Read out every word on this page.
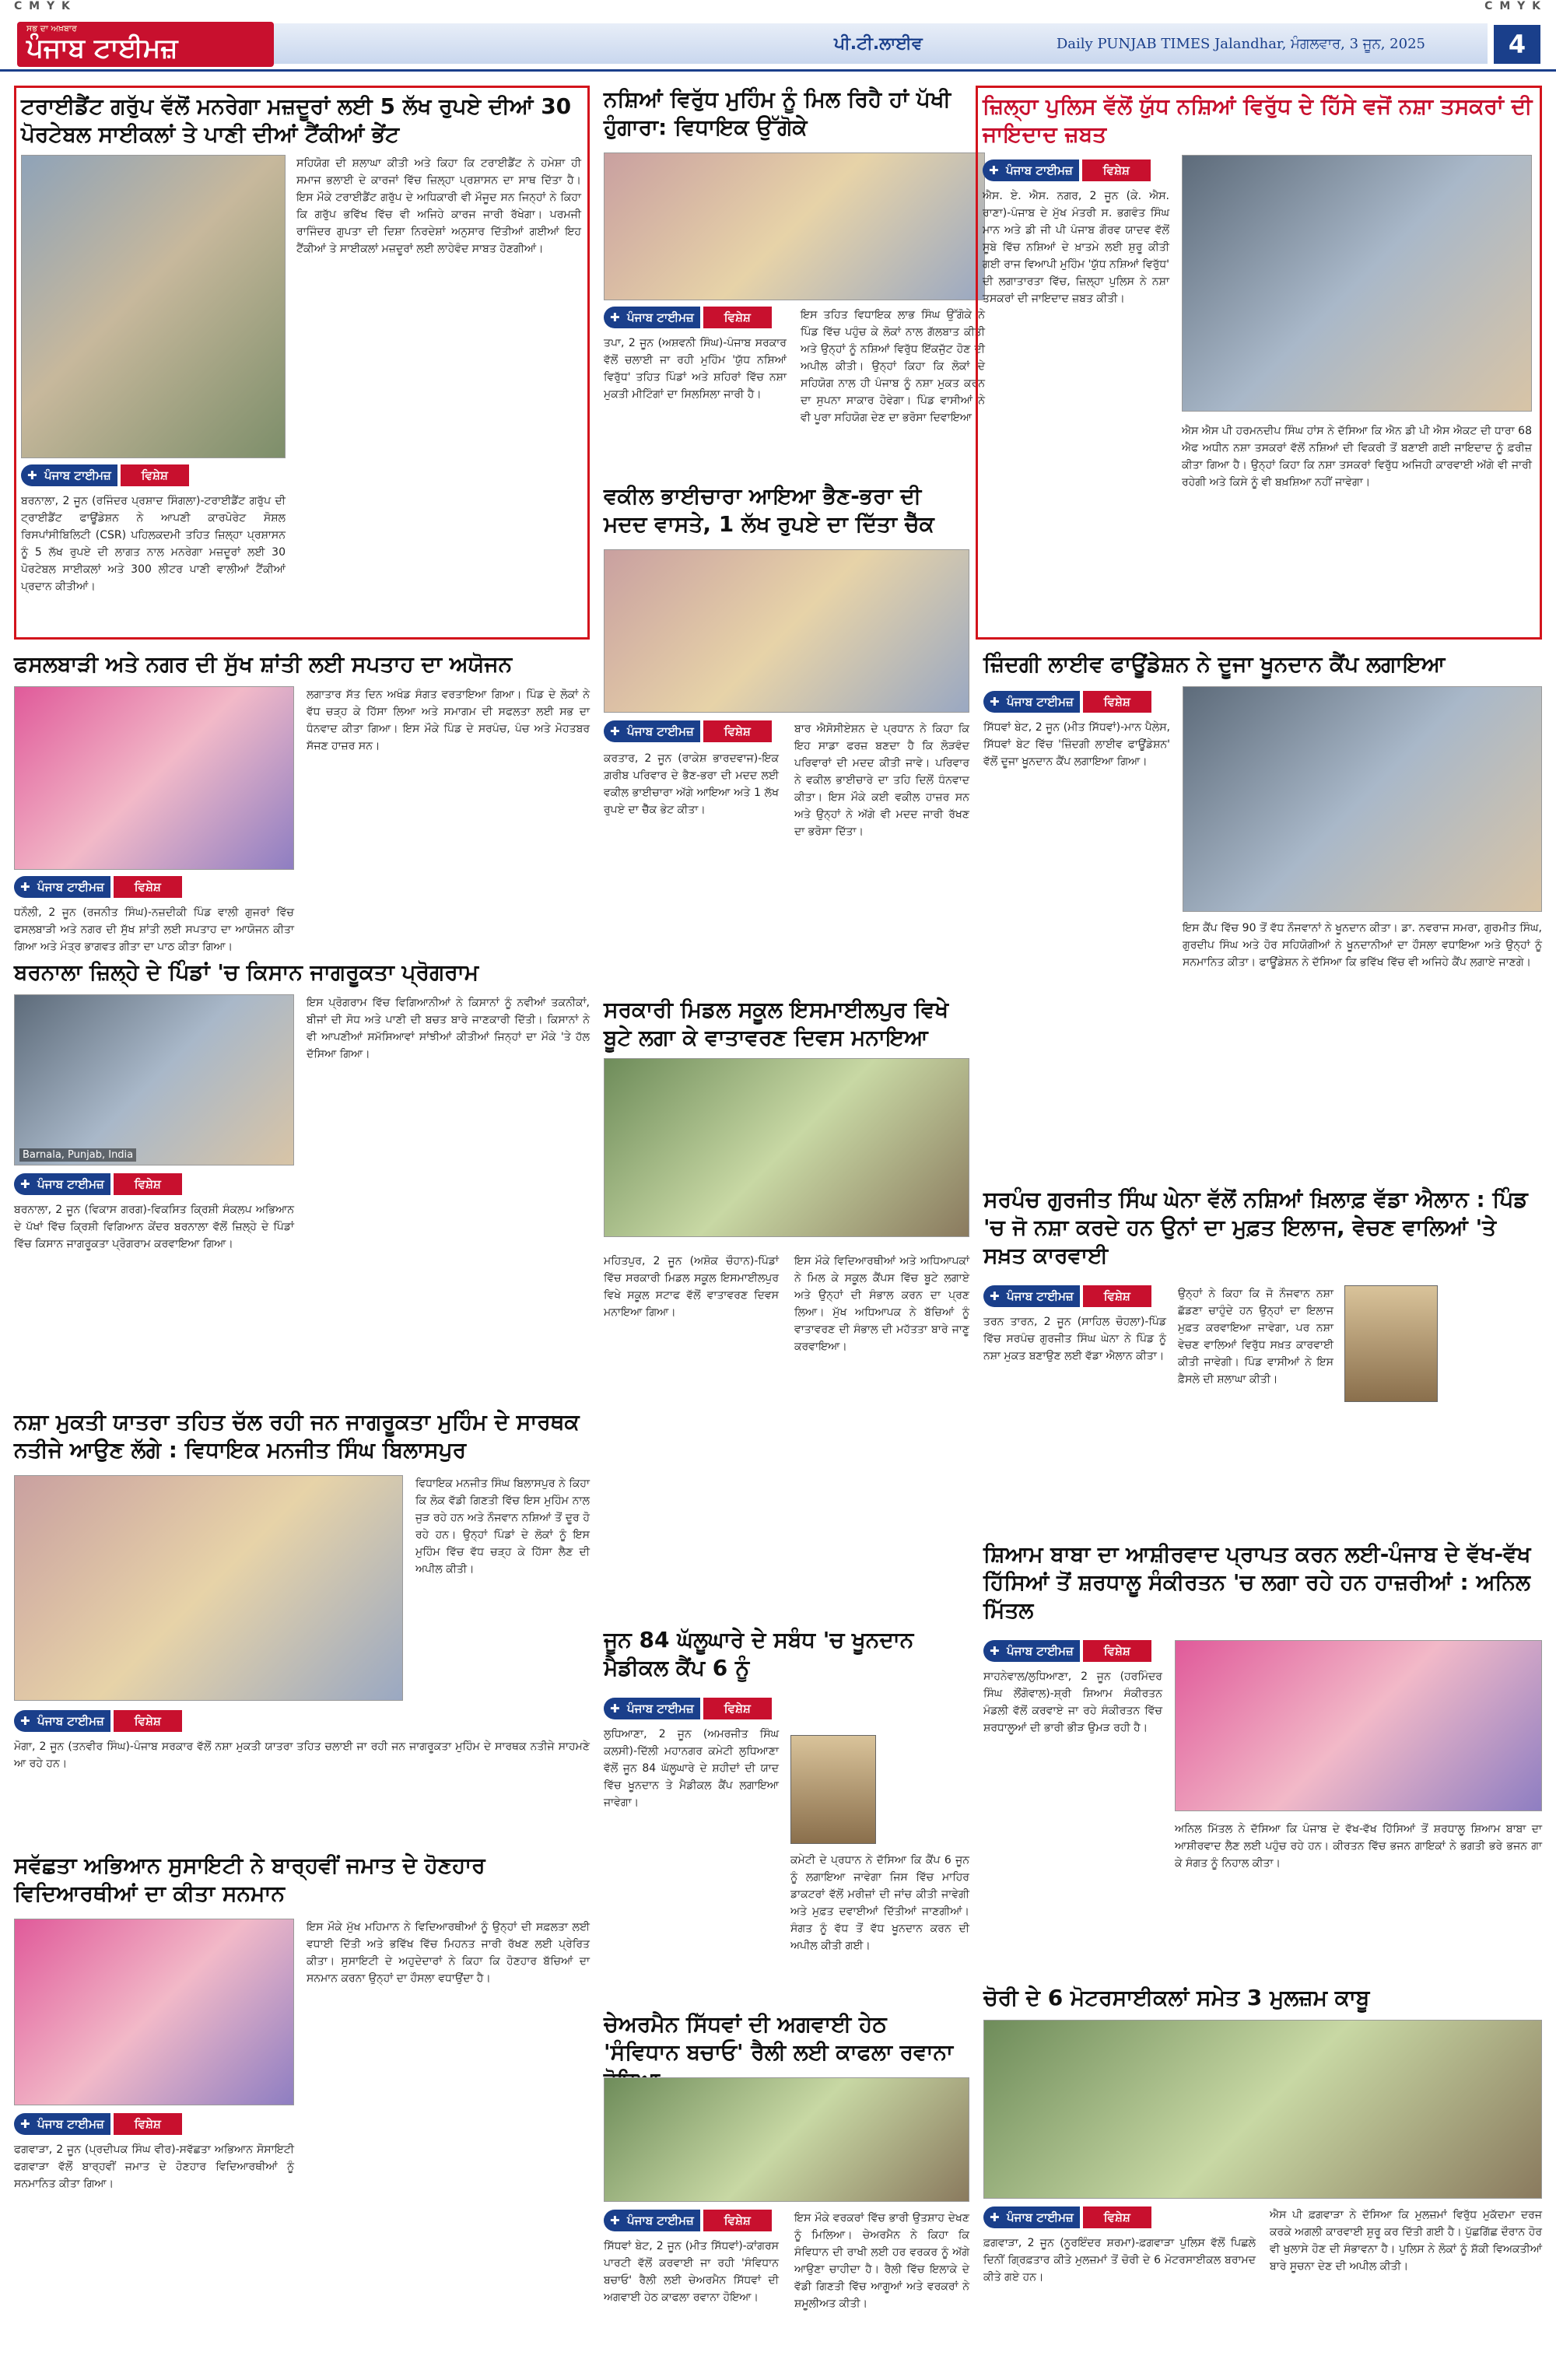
C M Y K	C M Y K
ਸਭ ਦਾ ਅਖ਼ਬਾਰ
ਪੰਜਾਬ ਟਾਈਮਜ਼	ਪੀ.ਟੀ.ਲਾਈਵ	Daily PUNJAB TIMES Jalandhar, ਮੰਗਲਵਾਰ, 3 ਜੂਨ, 2025	4
ਟਰਾਈਡੈਂਟ ਗਰੁੱਪ ਵੱਲੋਂ ਮਨਰੇਗਾ ਮਜ਼ਦੂਰਾਂ ਲਈ 5 ਲੱਖ ਰੁਪਏ ਦੀਆਂ 30 ਪੋਰਟੇਬਲ ਸਾਈਕਲਾਂ ਤੇ ਪਾਣੀ ਦੀਆਂ ਟੈਂਕੀਆਂ ਭੇਂਟ
✚ ਪੰਜਾਬ ਟਾਈਮਜ਼	ਵਿਸ਼ੇਸ਼
ਬਰਨਾਲਾ, 2 ਜੂਨ (ਰਜਿੰਦਰ ਪ੍ਰਸ਼ਾਦ ਸਿੰਗਲਾ)-ਟਰਾਈਡੈਂਟ ਗਰੁੱਪ ਦੀ ਟ੍ਰਾਈਡੈਂਟ ਫਾਊਂਡੇਸ਼ਨ ਨੇ ਆਪਣੀ ਕਾਰਪੋਰੇਟ ਸੋਸ਼ਲ ਰਿਸਪਾਂਸੀਬਿਲਿਟੀ (CSR) ਪਹਿਲਕਦਮੀ ਤਹਿਤ ਜ਼ਿਲ੍ਹਾ ਪ੍ਰਸ਼ਾਸਨ ਨੂੰ 5 ਲੱਖ ਰੁਪਏ ਦੀ ਲਾਗਤ ਨਾਲ ਮਨਰੇਗਾ ਮਜ਼ਦੂਰਾਂ ਲਈ 30 ਪੋਰਟੇਬਲ ਸਾਈਕਲਾਂ ਅਤੇ 300 ਲੀਟਰ ਪਾਣੀ ਵਾਲੀਆਂ ਟੈਂਕੀਆਂ ਪ੍ਰਦਾਨ ਕੀਤੀਆਂ।
ਸਹਿਯੋਗ ਦੀ ਸ਼ਲਾਘਾ ਕੀਤੀ ਅਤੇ ਕਿਹਾ ਕਿ ਟਰਾਈਡੈਂਟ ਨੇ ਹਮੇਸ਼ਾ ਹੀ ਸਮਾਜ ਭਲਾਈ ਦੇ ਕਾਰਜਾਂ ਵਿੱਚ ਜ਼ਿਲ੍ਹਾ ਪ੍ਰਸ਼ਾਸਨ ਦਾ ਸਾਥ ਦਿੱਤਾ ਹੈ। ਇਸ ਮੌਕੇ ਟਰਾਈਡੈਂਟ ਗਰੁੱਪ ਦੇ ਅਧਿਕਾਰੀ ਵੀ ਮੌਜੂਦ ਸਨ ਜਿਨ੍ਹਾਂ ਨੇ ਕਿਹਾ ਕਿ ਗਰੁੱਪ ਭਵਿੱਖ ਵਿੱਚ ਵੀ ਅਜਿਹੇ ਕਾਰਜ ਜਾਰੀ ਰੱਖੇਗਾ। ਪਰਮਜੀ ਰਾਜਿੰਦਰ ਗੁਪਤਾ ਦੀ ਦਿਸ਼ਾ ਨਿਰਦੇਸ਼ਾਂ ਅਨੁਸਾਰ ਦਿੱਤੀਆਂ ਗਈਆਂ ਇਹ ਟੈਂਕੀਆਂ ਤੇ ਸਾਈਕਲਾਂ ਮਜ਼ਦੂਰਾਂ ਲਈ ਲਾਹੇਵੰਦ ਸਾਬਤ ਹੋਣਗੀਆਂ।
ਨਸ਼ਿਆਂ ਵਿਰੁੱਧ ਮੁਹਿੰਮ ਨੂੰ ਮਿਲ ਰਿਹੈ ਹਾਂ ਪੱਖੀ ਹੁੰਗਾਰਾ: ਵਿਧਾਇਕ ਉੱਗੋਕੇ
✚ ਪੰਜਾਬ ਟਾਈਮਜ਼	ਵਿਸ਼ੇਸ਼
ਤਪਾ, 2 ਜੂਨ (ਅਸ਼ਵਨੀ ਸਿੰਘ)-ਪੰਜਾਬ ਸਰਕਾਰ ਵੱਲੋਂ ਚਲਾਈ ਜਾ ਰਹੀ ਮੁਹਿੰਮ 'ਯੁੱਧ ਨਸ਼ਿਆਂ ਵਿਰੁੱਧ' ਤਹਿਤ ਪਿੰਡਾਂ ਅਤੇ ਸ਼ਹਿਰਾਂ ਵਿੱਚ ਨਸ਼ਾ ਮੁਕਤੀ ਮੀਟਿੰਗਾਂ ਦਾ ਸਿਲਸਿਲਾ ਜਾਰੀ ਹੈ।
ਇਸ ਤਹਿਤ ਵਿਧਾਇਕ ਲਾਭ ਸਿੰਘ ਉੱਗੋਕੇ ਨੇ ਪਿੰਡ ਵਿੱਚ ਪਹੁੰਚ ਕੇ ਲੋਕਾਂ ਨਾਲ ਗੱਲਬਾਤ ਕੀਤੀ ਅਤੇ ਉਨ੍ਹਾਂ ਨੂੰ ਨਸ਼ਿਆਂ ਵਿਰੁੱਧ ਇੱਕਜੁੱਟ ਹੋਣ ਦੀ ਅਪੀਲ ਕੀਤੀ। ਉਨ੍ਹਾਂ ਕਿਹਾ ਕਿ ਲੋਕਾਂ ਦੇ ਸਹਿਯੋਗ ਨਾਲ ਹੀ ਪੰਜਾਬ ਨੂੰ ਨਸ਼ਾ ਮੁਕਤ ਕਰਨ ਦਾ ਸੁਪਨਾ ਸਾਕਾਰ ਹੋਵੇਗਾ। ਪਿੰਡ ਵਾਸੀਆਂ ਨੇ ਵੀ ਪੂਰਾ ਸਹਿਯੋਗ ਦੇਣ ਦਾ ਭਰੋਸਾ ਦਿਵਾਇਆ।
ਜ਼ਿਲ੍ਹਾ ਪੁਲਿਸ ਵੱਲੋਂ ਯੁੱਧ ਨਸ਼ਿਆਂ ਵਿਰੁੱਧ ਦੇ ਹਿੱਸੇ ਵਜੋਂ ਨਸ਼ਾ ਤਸਕਰਾਂ ਦੀ ਜਾਇਦਾਦ ਜ਼ਬਤ
✚ ਪੰਜਾਬ ਟਾਈਮਜ਼	ਵਿਸ਼ੇਸ਼
ਐਸ. ਏ. ਐਸ. ਨਗਰ, 2 ਜੂਨ (ਕੇ. ਐਸ. ਰਾਣਾ)-ਪੰਜਾਬ ਦੇ ਮੁੱਖ ਮੰਤਰੀ ਸ. ਭਗਵੰਤ ਸਿੰਘ ਮਾਨ ਅਤੇ ਡੀ ਜੀ ਪੀ ਪੰਜਾਬ ਗੌਰਵ ਯਾਦਵ ਵੱਲੋਂ ਸੂਬੇ ਵਿੱਚ ਨਸ਼ਿਆਂ ਦੇ ਖ਼ਾਤਮੇ ਲਈ ਸ਼ੁਰੂ ਕੀਤੀ ਗਈ ਰਾਜ ਵਿਆਪੀ ਮੁਹਿੰਮ 'ਯੁੱਧ ਨਸ਼ਿਆਂ ਵਿਰੁੱਧ' ਦੀ ਲਗਾਤਾਰਤਾ ਵਿੱਚ, ਜ਼ਿਲ੍ਹਾ ਪੁਲਿਸ ਨੇ ਨਸ਼ਾ ਤਸਕਰਾਂ ਦੀ ਜਾਇਦਾਦ ਜ਼ਬਤ ਕੀਤੀ।
ਐਸ ਐਸ ਪੀ ਹਰਮਨਦੀਪ ਸਿੰਘ ਹਾਂਸ ਨੇ ਦੱਸਿਆ ਕਿ ਐਨ ਡੀ ਪੀ ਐਸ ਐਕਟ ਦੀ ਧਾਰਾ 68 ਐਫ ਅਧੀਨ ਨਸ਼ਾ ਤਸਕਰਾਂ ਵੱਲੋਂ ਨਸ਼ਿਆਂ ਦੀ ਵਿਕਰੀ ਤੋਂ ਬਣਾਈ ਗਈ ਜਾਇਦਾਦ ਨੂੰ ਫ਼ਰੀਜ਼ ਕੀਤਾ ਗਿਆ ਹੈ। ਉਨ੍ਹਾਂ ਕਿਹਾ ਕਿ ਨਸ਼ਾ ਤਸਕਰਾਂ ਵਿਰੁੱਧ ਅਜਿਹੀ ਕਾਰਵਾਈ ਅੱਗੇ ਵੀ ਜਾਰੀ ਰਹੇਗੀ ਅਤੇ ਕਿਸੇ ਨੂੰ ਵੀ ਬਖ਼ਸ਼ਿਆ ਨਹੀਂ ਜਾਵੇਗਾ।
ਵਕੀਲ ਭਾਈਚਾਰਾ ਆਇਆ ਭੈਣ-ਭਰਾ ਦੀ ਮਦਦ ਵਾਸਤੇ, 1 ਲੱਖ ਰੁਪਏ ਦਾ ਦਿੱਤਾ ਚੈੱਕ
✚ ਪੰਜਾਬ ਟਾਈਮਜ਼	ਵਿਸ਼ੇਸ਼
ਕਰਤਾਰ, 2 ਜੂਨ (ਰਾਕੇਸ਼ ਭਾਰਦਵਾਜ)-ਇਕ ਗ਼ਰੀਬ ਪਰਿਵਾਰ ਦੇ ਭੈਣ-ਭਰਾ ਦੀ ਮਦਦ ਲਈ ਵਕੀਲ ਭਾਈਚਾਰਾ ਅੱਗੇ ਆਇਆ ਅਤੇ 1 ਲੱਖ ਰੁਪਏ ਦਾ ਚੈੱਕ ਭੇਟ ਕੀਤਾ।
ਬਾਰ ਐਸੋਸੀਏਸ਼ਨ ਦੇ ਪ੍ਰਧਾਨ ਨੇ ਕਿਹਾ ਕਿ ਇਹ ਸਾਡਾ ਫਰਜ਼ ਬਣਦਾ ਹੈ ਕਿ ਲੋੜਵੰਦ ਪਰਿਵਾਰਾਂ ਦੀ ਮਦਦ ਕੀਤੀ ਜਾਵੇ। ਪਰਿਵਾਰ ਨੇ ਵਕੀਲ ਭਾਈਚਾਰੇ ਦਾ ਤਹਿ ਦਿਲੋਂ ਧੰਨਵਾਦ ਕੀਤਾ। ਇਸ ਮੌਕੇ ਕਈ ਵਕੀਲ ਹਾਜ਼ਰ ਸਨ ਅਤੇ ਉਨ੍ਹਾਂ ਨੇ ਅੱਗੇ ਵੀ ਮਦਦ ਜਾਰੀ ਰੱਖਣ ਦਾ ਭਰੋਸਾ ਦਿੱਤਾ।
ਸਰਕਾਰੀ ਮਿਡਲ ਸਕੂਲ ਇਸਮਾਈਲਪੁਰ ਵਿਖੇ ਬੂਟੇ ਲਗਾ ਕੇ ਵਾਤਾਵਰਣ ਦਿਵਸ ਮਨਾਇਆ
ਮਹਿਤਪੁਰ, 2 ਜੂਨ (ਅਸ਼ੋਕ ਚੌਹਾਨ)-ਪਿੰਡਾਂ ਵਿੱਚ ਸਰਕਾਰੀ ਮਿਡਲ ਸਕੂਲ ਇਸਮਾਈਲਪੁਰ ਵਿਖੇ ਸਕੂਲ ਸਟਾਫ ਵੱਲੋਂ ਵਾਤਾਵਰਣ ਦਿਵਸ ਮਨਾਇਆ ਗਿਆ।
ਇਸ ਮੌਕੇ ਵਿਦਿਆਰਥੀਆਂ ਅਤੇ ਅਧਿਆਪਕਾਂ ਨੇ ਮਿਲ ਕੇ ਸਕੂਲ ਕੈਂਪਸ ਵਿੱਚ ਬੂਟੇ ਲਗਾਏ ਅਤੇ ਉਨ੍ਹਾਂ ਦੀ ਸੰਭਾਲ ਕਰਨ ਦਾ ਪ੍ਰਣ ਲਿਆ। ਮੁੱਖ ਅਧਿਆਪਕ ਨੇ ਬੱਚਿਆਂ ਨੂੰ ਵਾਤਾਵਰਣ ਦੀ ਸੰਭਾਲ ਦੀ ਮਹੱਤਤਾ ਬਾਰੇ ਜਾਣੂ ਕਰਵਾਇਆ।
ਫਸਲਬਾੜੀ ਅਤੇ ਨਗਰ ਦੀ ਸੁੱਖ ਸ਼ਾਂਤੀ ਲਈ ਸਪਤਾਹ ਦਾ ਅਯੋਜਨ
✚ ਪੰਜਾਬ ਟਾਈਮਜ਼	ਵਿਸ਼ੇਸ਼
ਧਨੌਲੀ, 2 ਜੂਨ (ਰਜਨੀਤ ਸਿੰਘ)-ਨਜ਼ਦੀਕੀ ਪਿੰਡ ਵਾਲੀ ਗੁਜਰਾਂ ਵਿੱਚ ਫਸਲਬਾੜੀ ਅਤੇ ਨਗਰ ਦੀ ਸੁੱਖ ਸ਼ਾਂਤੀ ਲਈ ਸਪਤਾਹ ਦਾ ਆਯੋਜਨ ਕੀਤਾ ਗਿਆ ਅਤੇ ਮੰਤ੍ਰ ਭਾਗਵਤ ਗੀਤਾ ਦਾ ਪਾਠ ਕੀਤਾ ਗਿਆ।
ਲਗਾਤਾਰ ਸੱਤ ਦਿਨ ਅਖੰਡ ਸੰਗਤ ਵਰਤਾਇਆ ਗਿਆ। ਪਿੰਡ ਦੇ ਲੋਕਾਂ ਨੇ ਵੱਧ ਚੜ੍ਹ ਕੇ ਹਿੱਸਾ ਲਿਆ ਅਤੇ ਸਮਾਗਮ ਦੀ ਸਫਲਤਾ ਲਈ ਸਭ ਦਾ ਧੰਨਵਾਦ ਕੀਤਾ ਗਿਆ। ਇਸ ਮੌਕੇ ਪਿੰਡ ਦੇ ਸਰਪੰਚ, ਪੰਚ ਅਤੇ ਮੋਹਤਬਰ ਸੱਜਣ ਹਾਜ਼ਰ ਸਨ।
ਬਰਨਾਲਾ ਜ਼ਿਲ੍ਹੇ ਦੇ ਪਿੰਡਾਂ 'ਚ ਕਿਸਾਨ ਜਾਗਰੂਕਤਾ ਪ੍ਰੋਗਰਾਮ
Barnala, Punjab, India
✚ ਪੰਜਾਬ ਟਾਈਮਜ਼	ਵਿਸ਼ੇਸ਼
ਬਰਨਾਲਾ, 2 ਜੂਨ (ਵਿਕਾਸ ਗਰਗ)-ਵਿਕਸਿਤ ਕ੍ਰਿਸ਼ੀ ਸੰਕਲਪ ਅਭਿਆਨ ਦੇ ਪੱਖਾਂ ਵਿੱਚ ਕ੍ਰਿਸ਼ੀ ਵਿਗਿਆਨ ਕੇਂਦਰ ਬਰਨਾਲਾ ਵੱਲੋਂ ਜ਼ਿਲ੍ਹੇ ਦੇ ਪਿੰਡਾਂ ਵਿੱਚ ਕਿਸਾਨ ਜਾਗਰੂਕਤਾ ਪ੍ਰੋਗਰਾਮ ਕਰਵਾਇਆ ਗਿਆ।
ਇਸ ਪ੍ਰੋਗਰਾਮ ਵਿੱਚ ਵਿਗਿਆਨੀਆਂ ਨੇ ਕਿਸਾਨਾਂ ਨੂੰ ਨਵੀਆਂ ਤਕਨੀਕਾਂ, ਬੀਜਾਂ ਦੀ ਸੋਧ ਅਤੇ ਪਾਣੀ ਦੀ ਬਚਤ ਬਾਰੇ ਜਾਣਕਾਰੀ ਦਿੱਤੀ। ਕਿਸਾਨਾਂ ਨੇ ਵੀ ਆਪਣੀਆਂ ਸਮੱਸਿਆਵਾਂ ਸਾਂਝੀਆਂ ਕੀਤੀਆਂ ਜਿਨ੍ਹਾਂ ਦਾ ਮੌਕੇ 'ਤੇ ਹੱਲ ਦੱਸਿਆ ਗਿਆ।
ਨਸ਼ਾ ਮੁਕਤੀ ਯਾਤਰਾ ਤਹਿਤ ਚੱਲ ਰਹੀ ਜਨ ਜਾਗਰੂਕਤਾ ਮੁਹਿੰਮ ਦੇ ਸਾਰਥਕ ਨਤੀਜੇ ਆਉਣ ਲੱਗੇ : ਵਿਧਾਇਕ ਮਨਜੀਤ ਸਿੰਘ ਬਿਲਾਸਪੁਰ
ਵਿਧਾਇਕ ਮਨਜੀਤ ਸਿੰਘ ਬਿਲਾਸਪੁਰ ਨੇ ਕਿਹਾ ਕਿ ਲੋਕ ਵੱਡੀ ਗਿਣਤੀ ਵਿੱਚ ਇਸ ਮੁਹਿੰਮ ਨਾਲ ਜੁੜ ਰਹੇ ਹਨ ਅਤੇ ਨੌਜਵਾਨ ਨਸ਼ਿਆਂ ਤੋਂ ਦੂਰ ਹੋ ਰਹੇ ਹਨ। ਉਨ੍ਹਾਂ ਪਿੰਡਾਂ ਦੇ ਲੋਕਾਂ ਨੂੰ ਇਸ ਮੁਹਿੰਮ ਵਿੱਚ ਵੱਧ ਚੜ੍ਹ ਕੇ ਹਿੱਸਾ ਲੈਣ ਦੀ ਅਪੀਲ ਕੀਤੀ।
✚ ਪੰਜਾਬ ਟਾਈਮਜ਼	ਵਿਸ਼ੇਸ਼
ਮੋਗਾ, 2 ਜੂਨ (ਤਨਵੀਰ ਸਿੰਘ)-ਪੰਜਾਬ ਸਰਕਾਰ ਵੱਲੋਂ ਨਸ਼ਾ ਮੁਕਤੀ ਯਾਤਰਾ ਤਹਿਤ ਚਲਾਈ ਜਾ ਰਹੀ ਜਨ ਜਾਗਰੂਕਤਾ ਮੁਹਿੰਮ ਦੇ ਸਾਰਥਕ ਨਤੀਜੇ ਸਾਹਮਣੇ ਆ ਰਹੇ ਹਨ।
ਸਵੱਛਤਾ ਅਭਿਆਨ ਸੁਸਾਇਟੀ ਨੇ ਬਾਰ੍ਹਵੀਂ ਜਮਾਤ ਦੇ ਹੋਣਹਾਰ ਵਿਦਿਆਰਥੀਆਂ ਦਾ ਕੀਤਾ ਸਨਮਾਨ
✚ ਪੰਜਾਬ ਟਾਈਮਜ਼	ਵਿਸ਼ੇਸ਼
ਫਗਵਾੜਾ, 2 ਜੂਨ (ਪ੍ਰਦੀਪਕ ਸਿੰਘ ਵੀਰ)-ਸਵੱਛਤਾ ਅਭਿਆਨ ਸੋਸਾਇਟੀ ਫਗਵਾੜਾ ਵੱਲੋਂ ਬਾਰ੍ਹਵੀਂ ਜਮਾਤ ਦੇ ਹੋਣਹਾਰ ਵਿਦਿਆਰਥੀਆਂ ਨੂੰ ਸਨਮਾਨਿਤ ਕੀਤਾ ਗਿਆ।
ਇਸ ਮੌਕੇ ਮੁੱਖ ਮਹਿਮਾਨ ਨੇ ਵਿਦਿਆਰਥੀਆਂ ਨੂੰ ਉਨ੍ਹਾਂ ਦੀ ਸਫ਼ਲਤਾ ਲਈ ਵਧਾਈ ਦਿੱਤੀ ਅਤੇ ਭਵਿੱਖ ਵਿੱਚ ਮਿਹਨਤ ਜਾਰੀ ਰੱਖਣ ਲਈ ਪ੍ਰੇਰਿਤ ਕੀਤਾ। ਸੁਸਾਇਟੀ ਦੇ ਅਹੁਦੇਦਾਰਾਂ ਨੇ ਕਿਹਾ ਕਿ ਹੋਣਹਾਰ ਬੱਚਿਆਂ ਦਾ ਸਨਮਾਨ ਕਰਨਾ ਉਨ੍ਹਾਂ ਦਾ ਹੌਸਲਾ ਵਧਾਉਂਦਾ ਹੈ।
ਜੂਨ 84 ਘੱਲੂਘਾਰੇ ਦੇ ਸਬੰਧ 'ਚ ਖੂਨਦਾਨ ਮੈਡੀਕਲ ਕੈਂਪ 6 ਨੂੰ
✚ ਪੰਜਾਬ ਟਾਈਮਜ਼	ਵਿਸ਼ੇਸ਼
ਲੁਧਿਆਣਾ, 2 ਜੂਨ (ਅਮਰਜੀਤ ਸਿੰਘ ਕਲਸੀ)-ਦਿੱਲੀ ਮਹਾਨਗਰ ਕਮੇਟੀ ਲੁਧਿਆਣਾ ਵੱਲੋਂ ਜੂਨ 84 ਘੱਲੂਘਾਰੇ ਦੇ ਸ਼ਹੀਦਾਂ ਦੀ ਯਾਦ ਵਿੱਚ ਖੂਨਦਾਨ ਤੇ ਮੈਡੀਕਲ ਕੈਂਪ ਲਗਾਇਆ ਜਾਵੇਗਾ।
ਕਮੇਟੀ ਦੇ ਪ੍ਰਧਾਨ ਨੇ ਦੱਸਿਆ ਕਿ ਕੈਂਪ 6 ਜੂਨ ਨੂੰ ਲਗਾਇਆ ਜਾਵੇਗਾ ਜਿਸ ਵਿੱਚ ਮਾਹਿਰ ਡਾਕਟਰਾਂ ਵੱਲੋਂ ਮਰੀਜ਼ਾਂ ਦੀ ਜਾਂਚ ਕੀਤੀ ਜਾਵੇਗੀ ਅਤੇ ਮੁਫ਼ਤ ਦਵਾਈਆਂ ਦਿੱਤੀਆਂ ਜਾਣਗੀਆਂ। ਸੰਗਤ ਨੂੰ ਵੱਧ ਤੋਂ ਵੱਧ ਖੂਨਦਾਨ ਕਰਨ ਦੀ ਅਪੀਲ ਕੀਤੀ ਗਈ।
ਚੇਅਰਮੈਨ ਸਿੱਧਵਾਂ ਦੀ ਅਗਵਾਈ ਹੇਠ 'ਸੰਵਿਧਾਨ ਬਚਾਓ' ਰੈਲੀ ਲਈ ਕਾਫਲਾ ਰਵਾਨਾ
✚ ਪੰਜਾਬ ਟਾਈਮਜ਼	ਵਿਸ਼ੇਸ਼
ਸਿੱਧਵਾਂ ਬੇਟ, 2 ਜੂਨ (ਮੀਤ ਸਿੱਧਵਾਂ)-ਕਾਂਗਰਸ ਪਾਰਟੀ ਵੱਲੋਂ ਕਰਵਾਈ ਜਾ ਰਹੀ 'ਸੰਵਿਧਾਨ ਬਚਾਓ' ਰੈਲੀ ਲਈ ਚੇਅਰਮੈਨ ਸਿੱਧਵਾਂ ਦੀ ਅਗਵਾਈ ਹੇਠ ਕਾਫਲਾ ਰਵਾਨਾ ਹੋਇਆ।
ਇਸ ਮੌਕੇ ਵਰਕਰਾਂ ਵਿੱਚ ਭਾਰੀ ਉਤਸ਼ਾਹ ਦੇਖਣ ਨੂੰ ਮਿਲਿਆ। ਚੇਅਰਮੈਨ ਨੇ ਕਿਹਾ ਕਿ ਸੰਵਿਧਾਨ ਦੀ ਰਾਖੀ ਲਈ ਹਰ ਵਰਕਰ ਨੂੰ ਅੱਗੇ ਆਉਣਾ ਚਾਹੀਦਾ ਹੈ। ਰੈਲੀ ਵਿੱਚ ਇਲਾਕੇ ਦੇ ਵੱਡੀ ਗਿਣਤੀ ਵਿੱਚ ਆਗੂਆਂ ਅਤੇ ਵਰਕਰਾਂ ਨੇ ਸ਼ਮੂਲੀਅਤ ਕੀਤੀ।
ਜ਼ਿੰਦਗੀ ਲਾਈਵ ਫਾਊਂਡੇਸ਼ਨ ਨੇ ਦੂਜਾ ਖੂਨਦਾਨ ਕੈਂਪ ਲਗਾਇਆ
✚ ਪੰਜਾਬ ਟਾਈਮਜ਼	ਵਿਸ਼ੇਸ਼
ਸਿੱਧਵਾਂ ਬੇਟ, 2 ਜੂਨ (ਮੀਤ ਸਿੱਧਵਾਂ)-ਮਾਨ ਪੈਲੇਸ, ਸਿੱਧਵਾਂ ਬੇਟ ਵਿੱਚ 'ਜ਼ਿੰਦਗੀ ਲਾਈਵ ਫਾਊਂਡੇਸ਼ਨ' ਵੱਲੋਂ ਦੂਜਾ ਖੂਨਦਾਨ ਕੈਂਪ ਲਗਾਇਆ ਗਿਆ।
ਇਸ ਕੈਂਪ ਵਿੱਚ 90 ਤੋਂ ਵੱਧ ਨੌਜਵਾਨਾਂ ਨੇ ਖੂਨਦਾਨ ਕੀਤਾ। ਡਾ. ਨਵਰਾਜ ਸਮਰਾ, ਗੁਰਮੀਤ ਸਿੰਘ, ਗੁਰਦੀਪ ਸਿੰਘ ਅਤੇ ਹੋਰ ਸਹਿਯੋਗੀਆਂ ਨੇ ਖੂਨਦਾਨੀਆਂ ਦਾ ਹੌਸਲਾ ਵਧਾਇਆ ਅਤੇ ਉਨ੍ਹਾਂ ਨੂੰ ਸਨਮਾਨਿਤ ਕੀਤਾ। ਫਾਊਂਡੇਸ਼ਨ ਨੇ ਦੱਸਿਆ ਕਿ ਭਵਿੱਖ ਵਿੱਚ ਵੀ ਅਜਿਹੇ ਕੈਂਪ ਲਗਾਏ ਜਾਣਗੇ।
ਸਰਪੰਚ ਗੁਰਜੀਤ ਸਿੰਘ ਘੇਨਾ ਵੱਲੋਂ ਨਸ਼ਿਆਂ ਖ਼ਿਲਾਫ਼ ਵੱਡਾ ਐਲਾਨ : ਪਿੰਡ 'ਚ ਜੋ ਨਸ਼ਾ ਕਰਦੇ ਹਨ ਉਨਾਂ ਦਾ ਮੁਫ਼ਤ ਇਲਾਜ, ਵੇਚਣ ਵਾਲਿਆਂ 'ਤੇ ਸਖ਼ਤ ਕਾਰਵਾਈ
✚ ਪੰਜਾਬ ਟਾਈਮਜ਼	ਵਿਸ਼ੇਸ਼
ਤਰਨ ਤਾਰਨ, 2 ਜੂਨ (ਸਾਹਿਲ ਚੋਹਲਾ)-ਪਿੰਡ ਵਿੱਚ ਸਰਪੰਚ ਗੁਰਜੀਤ ਸਿੰਘ ਘੇਨਾ ਨੇ ਪਿੰਡ ਨੂੰ ਨਸ਼ਾ ਮੁਕਤ ਬਣਾਉਣ ਲਈ ਵੱਡਾ ਐਲਾਨ ਕੀਤਾ।
ਉਨ੍ਹਾਂ ਨੇ ਕਿਹਾ ਕਿ ਜੋ ਨੌਜਵਾਨ ਨਸ਼ਾ ਛੱਡਣਾ ਚਾਹੁੰਦੇ ਹਨ ਉਨ੍ਹਾਂ ਦਾ ਇਲਾਜ ਮੁਫ਼ਤ ਕਰਵਾਇਆ ਜਾਵੇਗਾ, ਪਰ ਨਸ਼ਾ ਵੇਚਣ ਵਾਲਿਆਂ ਵਿਰੁੱਧ ਸਖ਼ਤ ਕਾਰਵਾਈ ਕੀਤੀ ਜਾਵੇਗੀ। ਪਿੰਡ ਵਾਸੀਆਂ ਨੇ ਇਸ ਫ਼ੈਸਲੇ ਦੀ ਸ਼ਲਾਘਾ ਕੀਤੀ।
ਸ਼ਿਆਮ ਬਾਬਾ ਦਾ ਆਸ਼ੀਰਵਾਦ ਪ੍ਰਾਪਤ ਕਰਨ ਲਈ-ਪੰਜਾਬ ਦੇ ਵੱਖ-ਵੱਖ ਹਿੱਸਿਆਂ ਤੋਂ ਸ਼ਰਧਾਲੂ ਸੰਕੀਰਤਨ 'ਚ ਲਗਾ ਰਹੇ ਹਨ ਹਾਜ਼ਰੀਆਂ : ਅਨਿਲ ਮਿੱਤਲ
✚ ਪੰਜਾਬ ਟਾਈਮਜ਼	ਵਿਸ਼ੇਸ਼
ਸਾਹਨੇਵਾਲ/ਲੁਧਿਆਣਾ, 2 ਜੂਨ (ਹਰਮਿੰਦਰ ਸਿੰਘ ਲੌਂਗੋਵਾਲ)-ਸ਼੍ਰੀ ਸ਼ਿਆਮ ਸੰਕੀਰਤਨ ਮੰਡਲੀ ਵੱਲੋਂ ਕਰਵਾਏ ਜਾ ਰਹੇ ਸੰਕੀਰਤਨ ਵਿੱਚ ਸ਼ਰਧਾਲੂਆਂ ਦੀ ਭਾਰੀ ਭੀੜ ਉਮੜ ਰਹੀ ਹੈ।
ਅਨਿਲ ਮਿੱਤਲ ਨੇ ਦੱਸਿਆ ਕਿ ਪੰਜਾਬ ਦੇ ਵੱਖ-ਵੱਖ ਹਿੱਸਿਆਂ ਤੋਂ ਸ਼ਰਧਾਲੂ ਸ਼ਿਆਮ ਬਾਬਾ ਦਾ ਆਸ਼ੀਰਵਾਦ ਲੈਣ ਲਈ ਪਹੁੰਚ ਰਹੇ ਹਨ। ਕੀਰਤਨ ਵਿੱਚ ਭਜਨ ਗਾਇਕਾਂ ਨੇ ਭਗਤੀ ਭਰੇ ਭਜਨ ਗਾ ਕੇ ਸੰਗਤ ਨੂੰ ਨਿਹਾਲ ਕੀਤਾ।
ਚੋਰੀ ਦੇ 6 ਮੋਟਰਸਾਈਕਲਾਂ ਸਮੇਤ 3 ਮੁਲਜ਼ਮ ਕਾਬੂ
✚ ਪੰਜਾਬ ਟਾਈਮਜ਼	ਵਿਸ਼ੇਸ਼
ਫ਼ਗਵਾੜਾ, 2 ਜੂਨ (ਨੂਰਇੰਦਰ ਸ਼ਰਮਾ)-ਫ਼ਗਵਾੜਾ ਪੁਲਿਸ ਵੱਲੋਂ ਪਿਛਲੇ ਦਿਨੀਂ ਗ੍ਰਿਫ਼ਤਾਰ ਕੀਤੇ ਮੁਲਜ਼ਮਾਂ ਤੋਂ ਚੋਰੀ ਦੇ 6 ਮੋਟਰਸਾਈਕਲ ਬਰਾਮਦ ਕੀਤੇ ਗਏ ਹਨ।
ਐਸ ਪੀ ਫ਼ਗਵਾੜਾ ਨੇ ਦੱਸਿਆ ਕਿ ਮੁਲਜ਼ਮਾਂ ਵਿਰੁੱਧ ਮੁਕੱਦਮਾ ਦਰਜ ਕਰਕੇ ਅਗਲੀ ਕਾਰਵਾਈ ਸ਼ੁਰੂ ਕਰ ਦਿੱਤੀ ਗਈ ਹੈ। ਪੁੱਛਗਿੱਛ ਦੌਰਾਨ ਹੋਰ ਵੀ ਖੁਲਾਸੇ ਹੋਣ ਦੀ ਸੰਭਾਵਨਾ ਹੈ। ਪੁਲਿਸ ਨੇ ਲੋਕਾਂ ਨੂੰ ਸ਼ੱਕੀ ਵਿਅਕਤੀਆਂ ਬਾਰੇ ਸੂਚਨਾ ਦੇਣ ਦੀ ਅਪੀਲ ਕੀਤੀ।
